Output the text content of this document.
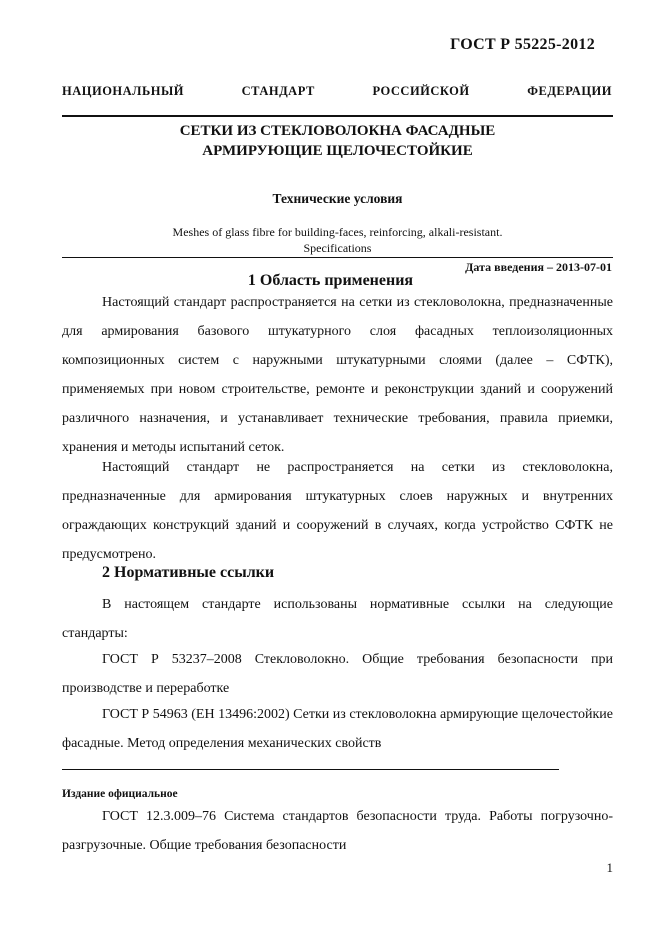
ГОСТ Р 55225-2012
НАЦИОНАЛЬНЫЙ СТАНДАРТ РОССИЙСКОЙ ФЕДЕРАЦИИ
СЕТКИ ИЗ СТЕКЛОВОЛОКНА ФАСАДНЫЕ
АРМИРУЮЩИЕ ЩЕЛОЧЕСТОЙКИЕ
Технические условия
Meshes of glass fibre for building-faces, reinforcing, alkali-resistant.
Specifications
Дата введения – 2013-07-01
1 Область применения

Настоящий стандарт распространяется на сетки из стекловолокна, предназначенные для армирования базового штукатурного слоя фасадных теплоизоляционных композиционных систем с наружными штукатурными слоями (далее – СФТК), применяемых при новом строительстве, ремонте и реконструкции зданий и сооружений различного назначения, и устанавливает технические требования, правила приемки, хранения и методы испытаний сеток.

Настоящий стандарт не распространяется на сетки из стекловолокна, предназначенные для армирования штукатурных слоев наружных и внутренних ограждающих конструкций зданий и сооружений в случаях, когда устройство СФТК не предусмотрено.

2 Нормативные ссылки

В настоящем стандарте использованы нормативные ссылки на следующие стандарты:

ГОСТ Р 53237–2008 Стекловолокно. Общие требования безопасности при производстве и переработке

ГОСТ Р 54963 (ЕН 13496:2002) Сетки из стекловолокна армирующие щелочестойкие фасадные. Метод определения механических свойств

Издание официальное

ГОСТ 12.3.009–76 Система стандартов безопасности труда. Работы погрузочно-разгрузочные. Общие требования безопасности

1
